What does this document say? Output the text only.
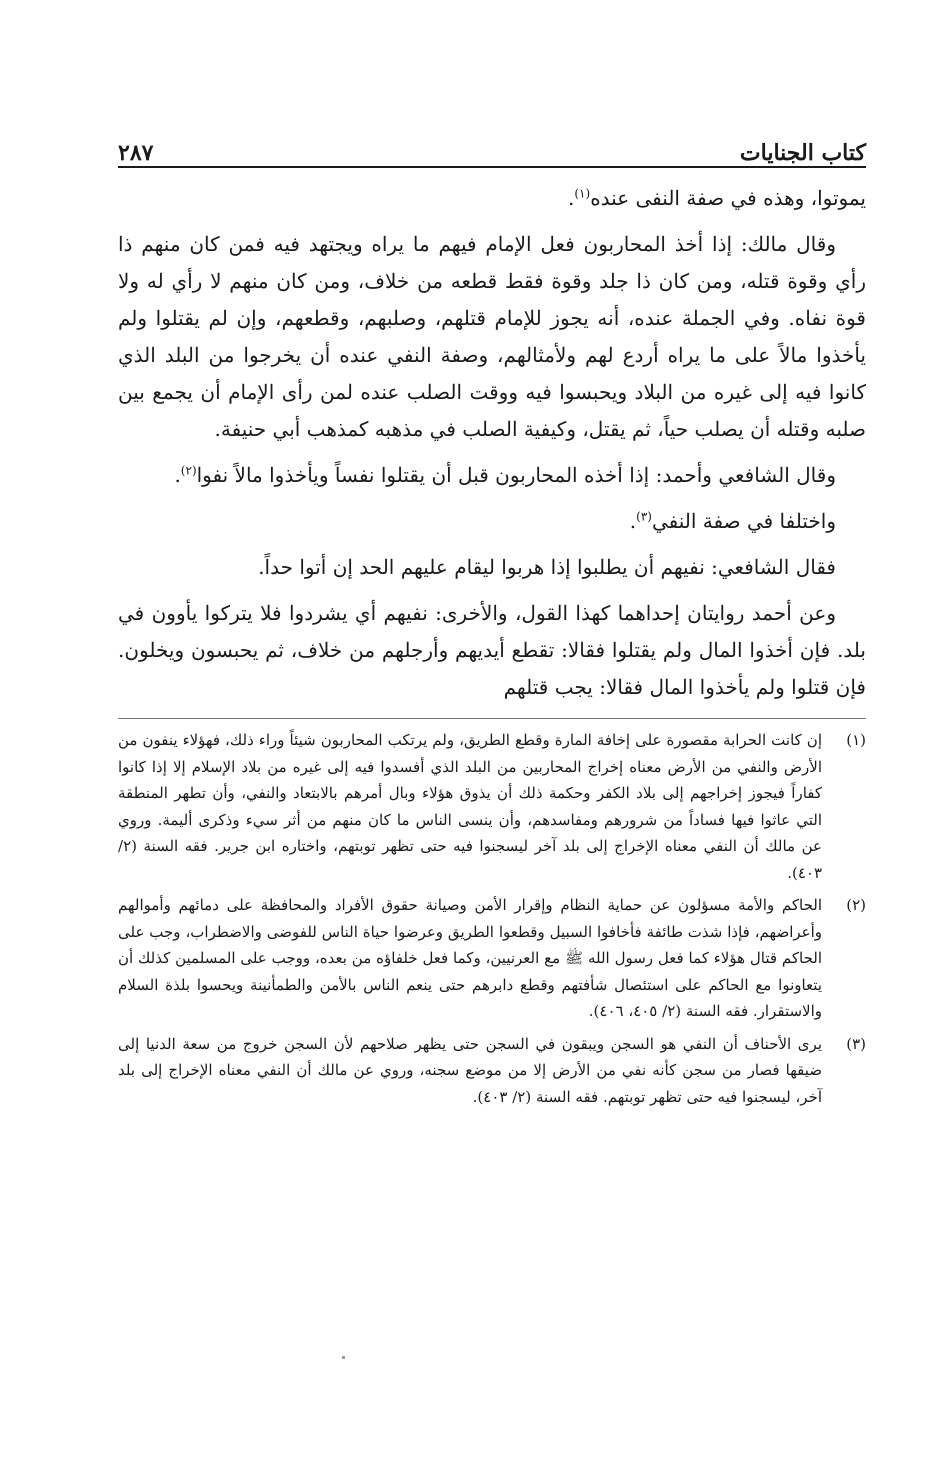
كتاب الجنايات
٢٨٧

يموتوا، وهذه في صفة النفى عنده$^{(١)}$.

وقال مالك: إذا أخذ المحاربون فعل الإمام فيهم ما يراه ويجتهد فيه فمن كان منهم ذا رأي وقوة قتله، ومن كان ذا جلد وقوة فقط قطعه من خلاف، ومن كان منهم لا رأي له ولا قوة نفاه. وفي الجملة عنده، أنه يجوز للإمام قتلهم، وصلبهم، وقطعهم، وإن لم يقتلوا ولم يأخذوا مالاً على ما يراه أردع لهم ولأمثالهم، وصفة النفي عنده أن يخرجوا من البلد الذي كانوا فيه إلى غيره من البلاد ويحبسوا فيه ووقت الصلب عنده لمن رأى الإمام أن يجمع بين صلبه وقتله أن يصلب حياً، ثم يقتل، وكيفية الصلب في مذهبه كمذهب أبي حنيفة.

وقال الشافعي وأحمد: إذا أخذه المحاربون قبل أن يقتلوا نفساً ويأخذوا مالاً نفوا$^{(٢)}$.

واختلفا في صفة النفي$^{(٣)}$.

فقال الشافعي: نفيهم أن يطلبوا إذا هربوا ليقام عليهم الحد إن أتوا حداً.

وعن أحمد روايتان إحداهما كهذا القول، والأخرى: نفيهم أي يشردوا فلا يتركوا يأوون في بلد. فإن أخذوا المال ولم يقتلوا فقالا: تقطع أيديهم وأرجلهم من خلاف، ثم يحبسون ويخلون. فإن قتلوا ولم يأخذوا المال فقالا: يجب قتلهم

(١)
إن كانت الحرابة مقصورة على إخافة المارة وقطع الطريق، ولم يرتكب المحاربون شيئاً وراء ذلك، فهؤلاء ينفون من الأرض والنفي من الأرض معناه إخراج المحاربين من البلد الذي أفسدوا فيه إلى غيره من بلاد الإسلام إلا إذا كانوا كفاراً فيجوز إخراجهم إلى بلاد الكفر وحكمة ذلك أن يذوق هؤلاء وبال أمرهم بالابتعاد والنفي، وأن تطهر المنطقة التي عاثوا فيها فساداً من شرورهم ومفاسدهم، وأن ينسى الناس ما كان منهم من أثر سيء وذكرى أليمة. وروي عن مالك أن النفي معناه الإخراج إلى بلد آخر ليسجنوا فيه حتى تظهر توبتهم، واختاره ابن جرير. فقه السنة (٢/ ٤٠٣).
(٢)
الحاكم والأمة مسؤلون عن حماية النظام وإقرار الأمن وصيانة حقوق الأفراد والمحافظة على دمائهم وأموالهم وأعراضهم، فإذا شذت طائفة فأخافوا السبيل وقطعوا الطريق وعرضوا حياة الناس للفوضى والاضطراب، وجب على الحاكم قتال هؤلاء كما فعل رسول الله ﷺ مع العرنيين، وكما فعل خلفاؤه من بعده، ووجب على المسلمين كذلك أن يتعاونوا مع الحاكم على استئصال شأفتهم وقطع دابرهم حتى ينعم الناس بالأمن والطمأنينة ويحسوا بلذة السلام والاستقرار. فقه السنة (٢/ ٤٠٥، ٤٠٦).
(٣)
يرى الأحناف أن النفي هو السجن ويبقون في السجن حتى يظهر صلاحهم لأن السجن خروج من سعة الدنيا إلى ضيقها فصار من سجن كأنه نفي من الأرض إلا من موضع سجنه، وروي عن مالك أن النفي معناه الإخراج إلى بلد آخر، ليسجنوا فيه حتى تظهر توبتهم. فقه السنة (٢/ ٤٠٣).
